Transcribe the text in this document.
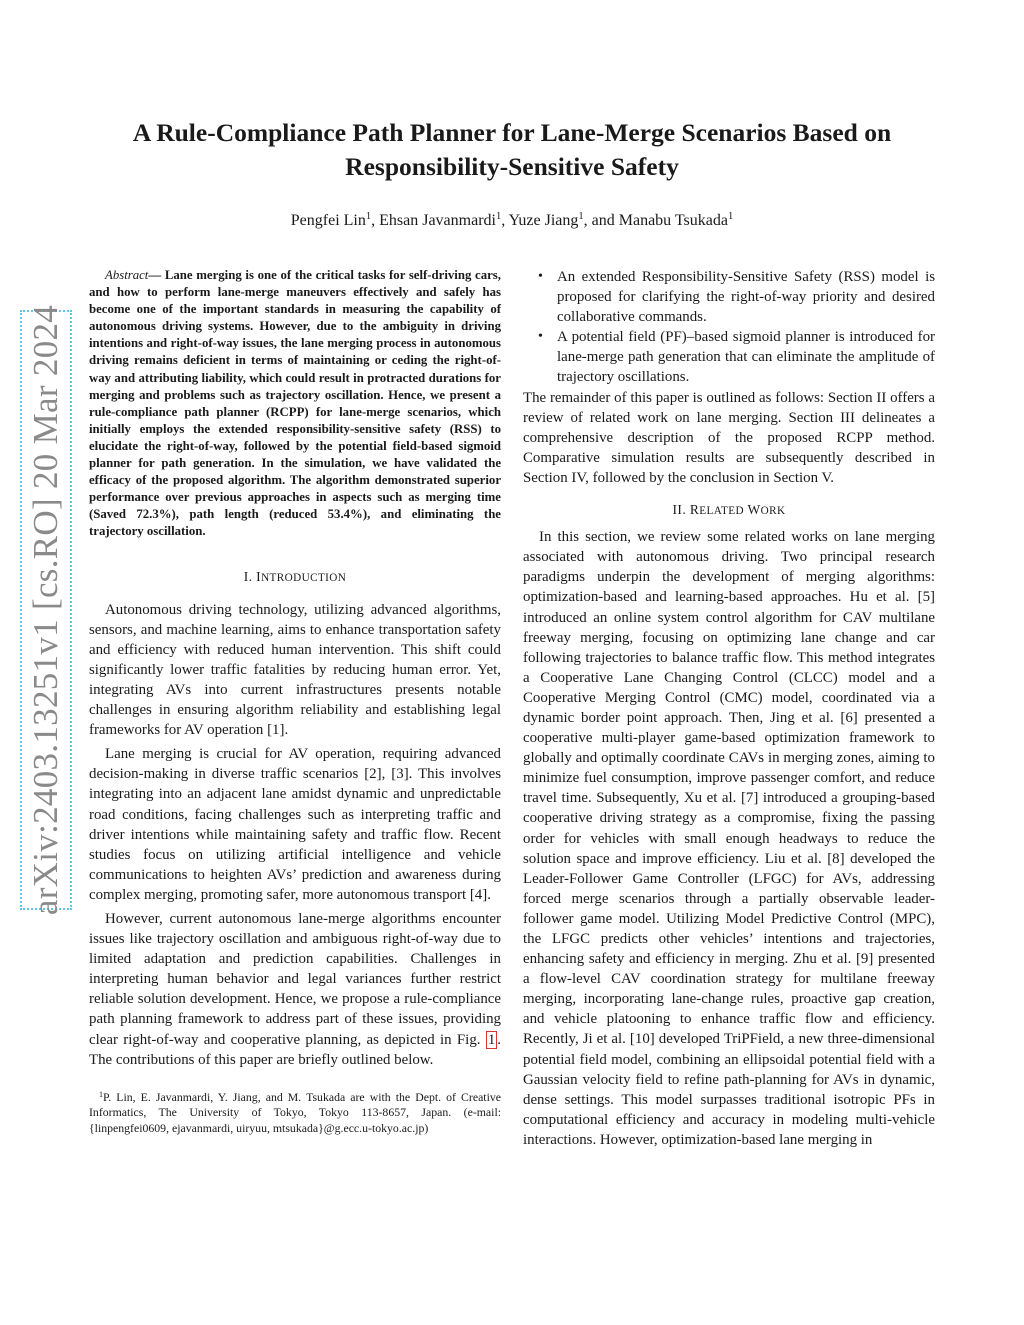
arXiv:2403.13251v1 [cs.RO] 20 Mar 2024
A Rule-Compliance Path Planner for Lane-Merge Scenarios Based on
Responsibility-Sensitive Safety
Pengfei Lin$^1$, Ehsan Javanmardi$^1$, Yuze Jiang$^1$, and Manabu Tsukada$^1$

Abstract— Lane merging is one of the critical tasks for self-driving cars, and how to perform lane-merge maneuvers effectively and safely has become one of the important standards in measuring the capability of autonomous driving systems. However, due to the ambiguity in driving intentions and right-of-way issues, the lane merging process in autonomous driving remains deficient in terms of maintaining or ceding the right-of-way and attributing liability, which could result in protracted durations for merging and problems such as trajectory oscillation. Hence, we present a rule-compliance path planner (RCPP) for lane-merge scenarios, which initially employs the extended responsibility-sensitive safety (RSS) to elucidate the right-of-way, followed by the potential field-based sigmoid planner for path generation. In the simulation, we have validated the efficacy of the proposed algorithm. The algorithm demonstrated superior performance over previous approaches in aspects such as merging time (Saved 72.3%), path length (reduced 53.4%), and eliminating the trajectory oscillation.

I. INTRODUCTION

Autonomous driving technology, utilizing advanced algorithms, sensors, and machine learning, aims to enhance transportation safety and efficiency with reduced human intervention. This shift could significantly lower traffic fatalities by reducing human error. Yet, integrating AVs into current infrastructures presents notable challenges in ensuring algorithm reliability and establishing legal frameworks for AV operation [1].

Lane merging is crucial for AV operation, requiring advanced decision-making in diverse traffic scenarios [2], [3]. This involves integrating into an adjacent lane amidst dynamic and unpredictable road conditions, facing challenges such as interpreting traffic and driver intentions while maintaining safety and traffic flow. Recent studies focus on utilizing artificial intelligence and vehicle communications to heighten AVs’ prediction and awareness during complex merging, promoting safer, more autonomous transport [4].

However, current autonomous lane-merge algorithms encounter issues like trajectory oscillation and ambiguous right-of-way due to limited adaptation and prediction capabilities. Challenges in interpreting human behavior and legal variances further restrict reliable solution development. Hence, we propose a rule-compliance path planning framework to address part of these issues, providing clear right-of-way and cooperative planning, as depicted in Fig. 1 . The contributions of this paper are briefly outlined below.

$^1$P. Lin, E. Javanmardi, Y. Jiang, and M. Tsukada are with the Dept. of Creative Informatics, The University of Tokyo, Tokyo 113-8657, Japan. (e-mail: {linpengfei0609, ejavanmardi, uiryuu, mtsukada}@g.ecc.u-tokyo.ac.jp)

• An extended Responsibility-Sensitive Safety (RSS) model is proposed for clarifying the right-of-way priority and desired collaborative commands.
• A potential field (PF)–based sigmoid planner is introduced for lane-merge path generation that can eliminate the amplitude of trajectory oscillations.

The remainder of this paper is outlined as follows: Section II offers a review of related work on lane merging. Section III delineates a comprehensive description of the proposed RCPP method. Comparative simulation results are subsequently described in Section IV, followed by the conclusion in Section V.

II. RELATED WORK

In this section, we review some related works on lane merging associated with autonomous driving. Two principal research paradigms underpin the development of merging algorithms: optimization-based and learning-based approaches. Hu et al. [5] introduced an online system control algorithm for CAV multilane freeway merging, focusing on optimizing lane change and car following trajectories to balance traffic flow. This method integrates a Cooperative Lane Changing Control (CLCC) model and a Cooperative Merging Control (CMC) model, coordinated via a dynamic border point approach. Then, Jing et al. [6] presented a cooperative multi-player game-based optimization framework to globally and optimally coordinate CAVs in merging zones, aiming to minimize fuel consumption, improve passenger comfort, and reduce travel time. Subsequently, Xu et al. [7] introduced a grouping-based cooperative driving strategy as a compromise, fixing the passing order for vehicles with small enough headways to reduce the solution space and improve efficiency. Liu et al. [8] developed the Leader-Follower Game Controller (LFGC) for AVs, addressing forced merge scenarios through a partially observable leader-follower game model. Utilizing Model Predictive Control (MPC), the LFGC predicts other vehicles’ intentions and trajectories, enhancing safety and efficiency in merging. Zhu et al. [9] presented a flow-level CAV coordination strategy for multilane freeway merging, incorporating lane-change rules, proactive gap creation, and vehicle platooning to enhance traffic flow and efficiency. Recently, Ji et al. [10] developed TriPField, a new three-dimensional potential field model, combining an ellipsoidal potential field with a Gaussian velocity field to refine path-planning for AVs in dynamic, dense settings. This model surpasses traditional isotropic PFs in computational efficiency and accuracy in modeling multi-vehicle interactions. However, optimization-based lane merging in
